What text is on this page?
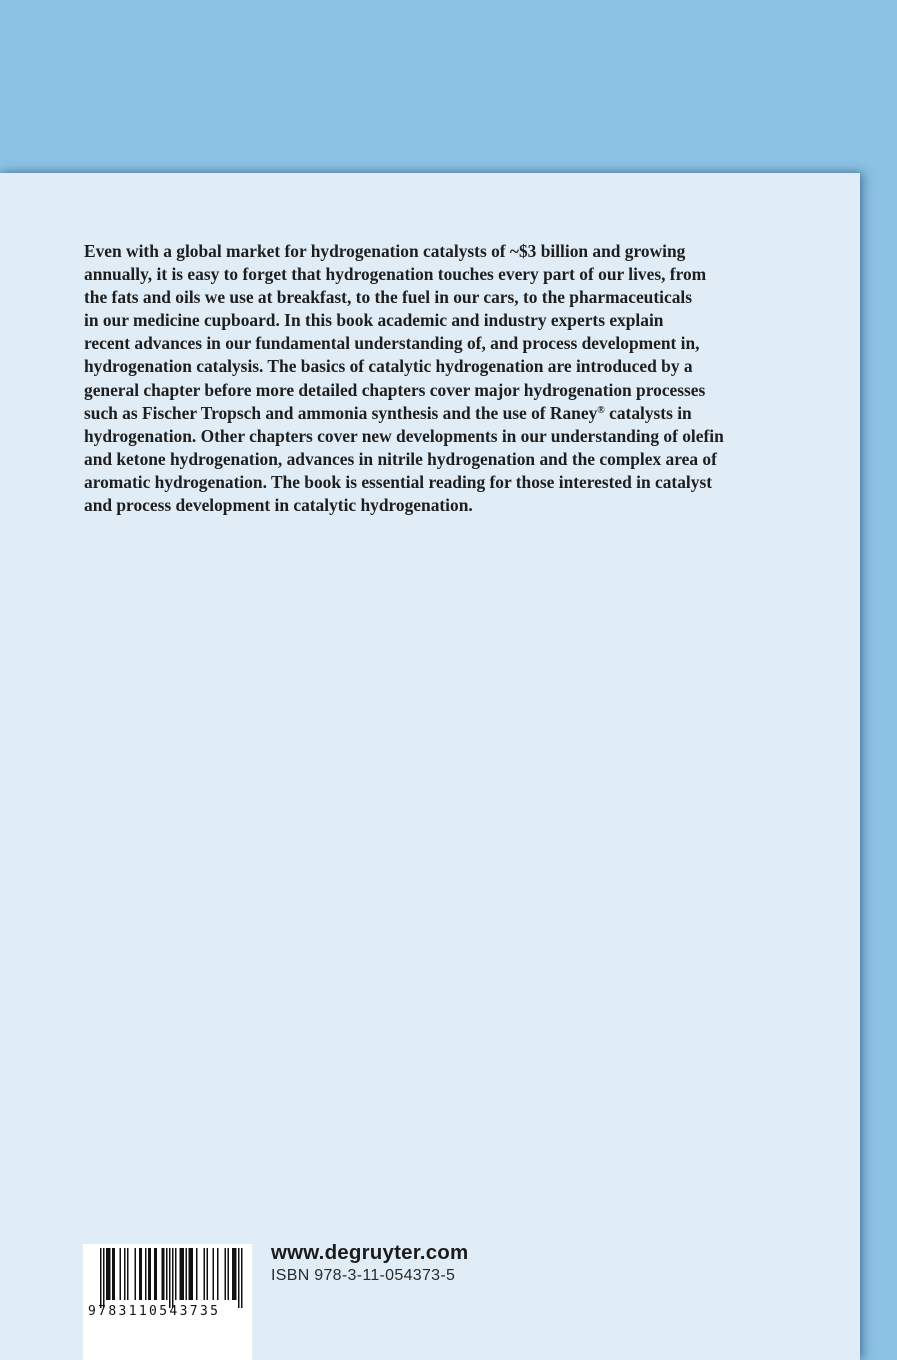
Even with a global market for hydrogenation catalysts of ~$3 billion and growing
annually, it is easy to forget that hydrogenation touches every part of our lives, from
the fats and oils we use at breakfast, to the fuel in our cars, to the pharmaceuticals
in our medicine cupboard. In this book academic and industry experts explain
recent advances in our fundamental understanding of, and process development in,
hydrogenation catalysis. The basics of catalytic hydrogenation are introduced by a
general chapter before more detailed chapters cover major hydrogenation processes
such as Fischer Tropsch and ammonia synthesis and the use of Raney® catalysts in
hydrogenation. Other chapters cover new developments in our understanding of olefin
and ketone hydrogenation, advances in nitrile hydrogenation and the complex area of
aromatic hydrogenation. The book is essential reading for those interested in catalyst
and process development in catalytic hydrogenation.

9783110543735
www.degruyter.com
ISBN 978-3-11-054373-5
